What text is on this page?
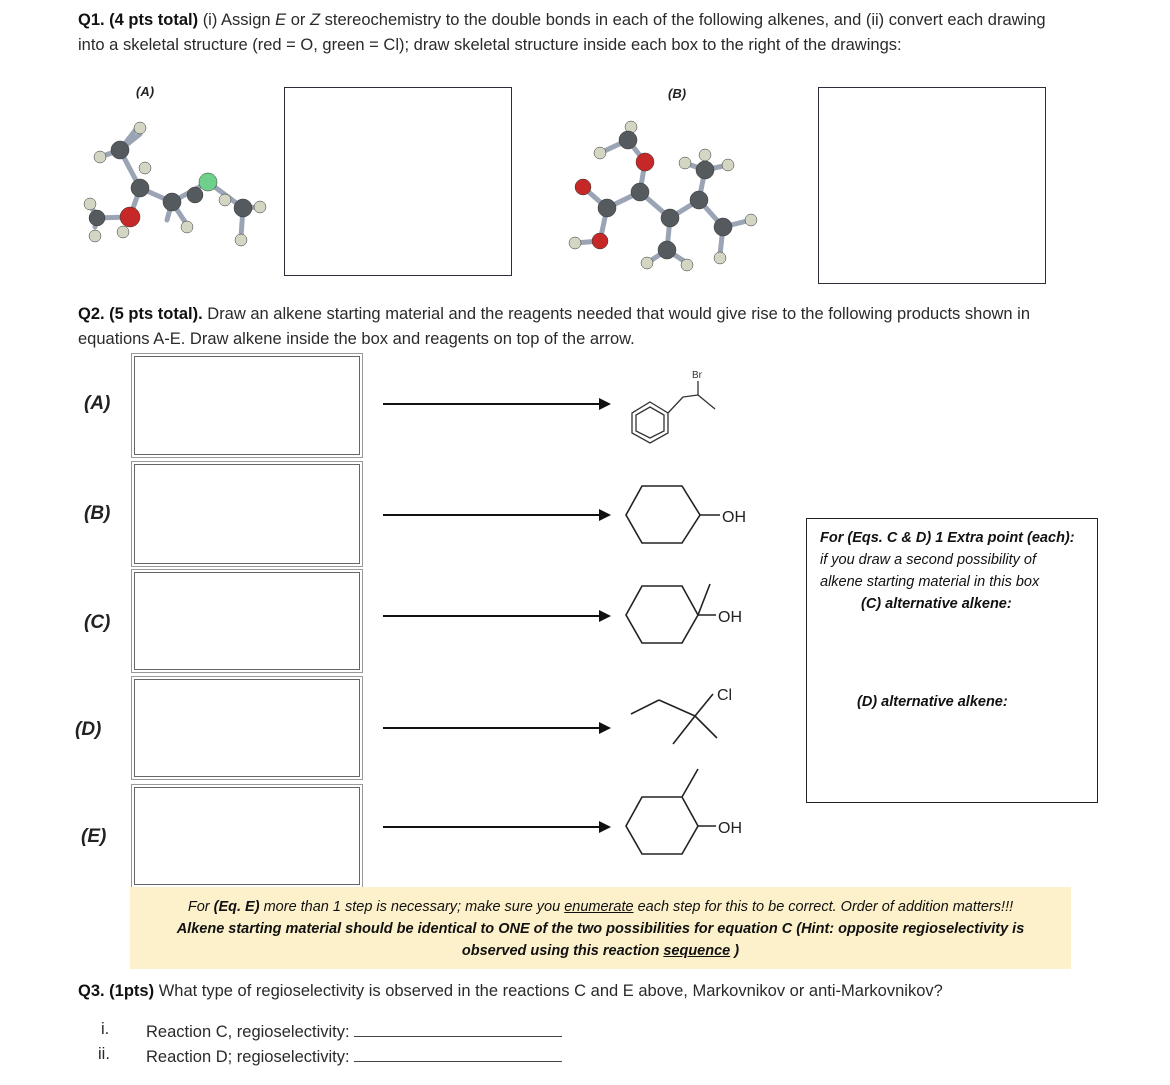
Q1. (4 pts total) (i) Assign E or Z stereochemistry to the double bonds in each of the following alkenes, and (ii) convert each drawing
into a skeletal structure (red = O, green = Cl); draw skeletal structure inside each box to the right of the drawings:
(A)	(B)
Q2. (5 pts total). Draw an alkene starting material and the reagents needed that would give rise to the following products shown in
equations A-E. Draw alkene inside the box and reagents on top of the arrow.
(A)
(B)
(C)
(D)
(E)
Br
OH
OH
Cl
OH
For (Eqs. C & D) 1 Extra point (each):
if you draw a second possibility of
alkene starting material in this box
(C) alternative alkene:
(D) alternative alkene:
For (Eq. E) more than 1 step is necessary; make sure you enumerate each step for this to be correct. Order of addition matters!!!
Alkene starting material should be identical to ONE of the two possibilities for equation C (Hint: opposite regioselectivity is
observed using this reaction sequence )
Q3. (1pts) What type of regioselectivity is observed in the reactions C and E above, Markovnikov or anti-Markovnikov?
i. Reaction C, regioselectivity:
ii. Reaction D; regioselectivity:
